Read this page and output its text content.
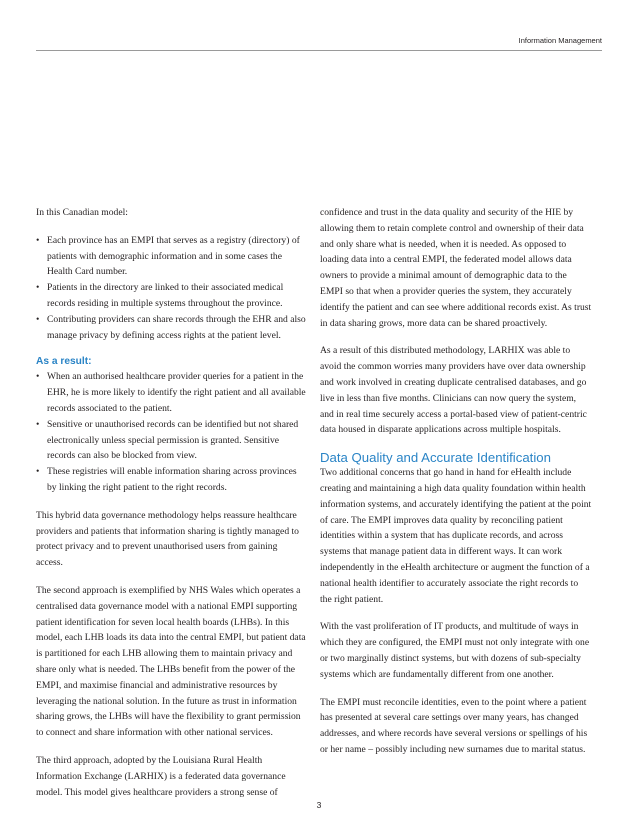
Information Management

In this Canadian model:

• Each province has an EMPI that serves as a registry (directory) of patients with demographic information and in some cases the Health Card number.
• Patients in the directory are linked to their associated medical records residing in multiple systems throughout the province.
• Contributing providers can share records through the EHR and also manage privacy by defining access rights at the patient level.
As a result:
• When an authorised healthcare provider queries for a patient in the EHR, he is more likely to identify the right patient and all available records associated to the patient.
• Sensitive or unauthorised records can be identified but not shared electronically unless special permission is granted. Sensitive records can also be blocked from view.
• These registries will enable information sharing across provinces by linking the right patient to the right records.

This hybrid data governance methodology helps reassure healthcare providers and patients that information sharing is tightly managed to protect privacy and to prevent unauthorised users from gaining access.

The second approach is exemplified by NHS Wales which operates a centralised data governance model with a national EMPI supporting patient identification for seven local health boards (LHBs). In this model, each LHB loads its data into the central EMPI, but patient data is partitioned for each LHB allowing them to maintain privacy and share only what is needed. The LHBs benefit from the power of the EMPI, and maximise financial and administrative resources by leveraging the national solution. In the future as trust in information sharing grows, the LHBs will have the flexibility to grant permission to connect and share information with other national services.

The third approach, adopted by the Louisiana Rural Health Information Exchange (LARHIX) is a federated data governance model. This model gives healthcare providers a strong sense of

confidence and trust in the data quality and security of the HIE by allowing them to retain complete control and ownership of their data and only share what is needed, when it is needed. As opposed to loading data into a central EMPI, the federated model allows data owners to provide a minimal amount of demographic data to the EMPI so that when a provider queries the system, they accurately identify the patient and can see where additional records exist. As trust in data sharing grows, more data can be shared proactively.

As a result of this distributed methodology, LARHIX was able to avoid the common worries many providers have over data ownership and work involved in creating duplicate centralised databases, and go live in less than five months. Clinicians can now query the system, and in real time securely access a portal-based view of patient-centric data housed in disparate applications across multiple hospitals.

Data Quality and Accurate Identification

Two additional concerns that go hand in hand for eHealth include creating and maintaining a high data quality foundation within health information systems, and accurately identifying the patient at the point of care. The EMPI improves data quality by reconciling patient identities within a system that has duplicate records, and across systems that manage patient data in different ways. It can work independently in the eHealth architecture or augment the function of a national health identifier to accurately associate the right records to the right patient.

With the vast proliferation of IT products, and multitude of ways in which they are configured, the EMPI must not only integrate with one or two marginally distinct systems, but with dozens of sub-specialty systems which are fundamentally different from one another.

The EMPI must reconcile identities, even to the point where a patient has presented at several care settings over many years, has changed addresses, and where records have several versions or spellings of his or her name – possibly including new surnames due to marital status.

3
